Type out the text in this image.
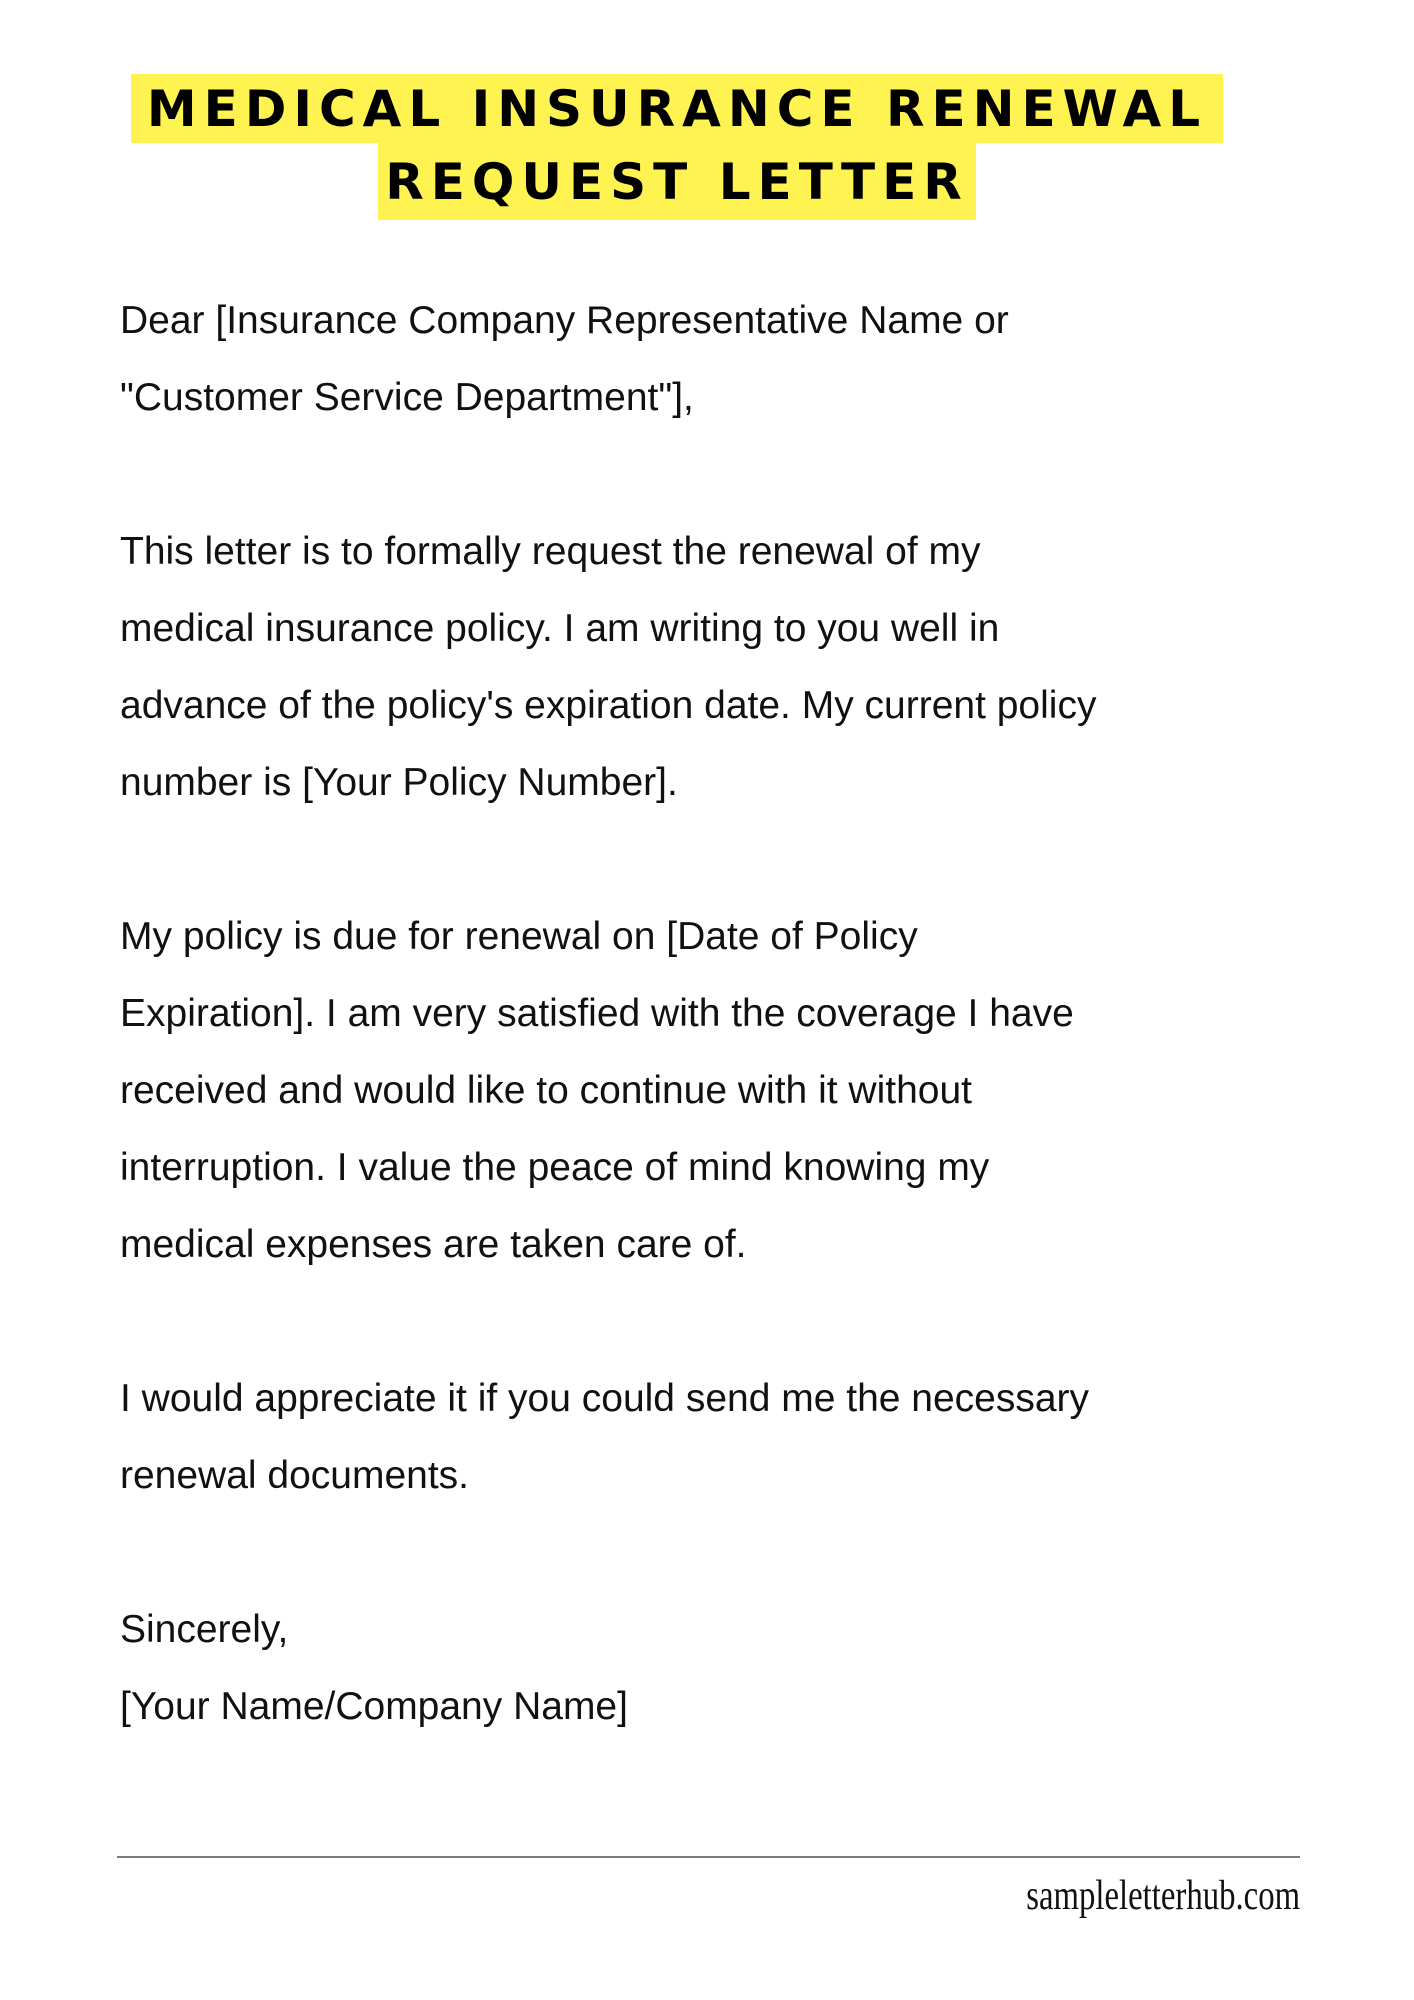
MEDICAL INSURANCE RENEWAL
REQUEST LETTER

Dear [Insurance Company Representative Name or
"Customer Service Department"],

This letter is to formally request the renewal of my
medical insurance policy. I am writing to you well in
advance of the policy's expiration date. My current policy
number is [Your Policy Number].

My policy is due for renewal on [Date of Policy
Expiration]. I am very satisfied with the coverage I have
received and would like to continue with it without
interruption. I value the peace of mind knowing my
medical expenses are taken care of.

I would appreciate it if you could send me the necessary
renewal documents.

Sincerely,
[Your Name/Company Name]

sampleletterhub.com
